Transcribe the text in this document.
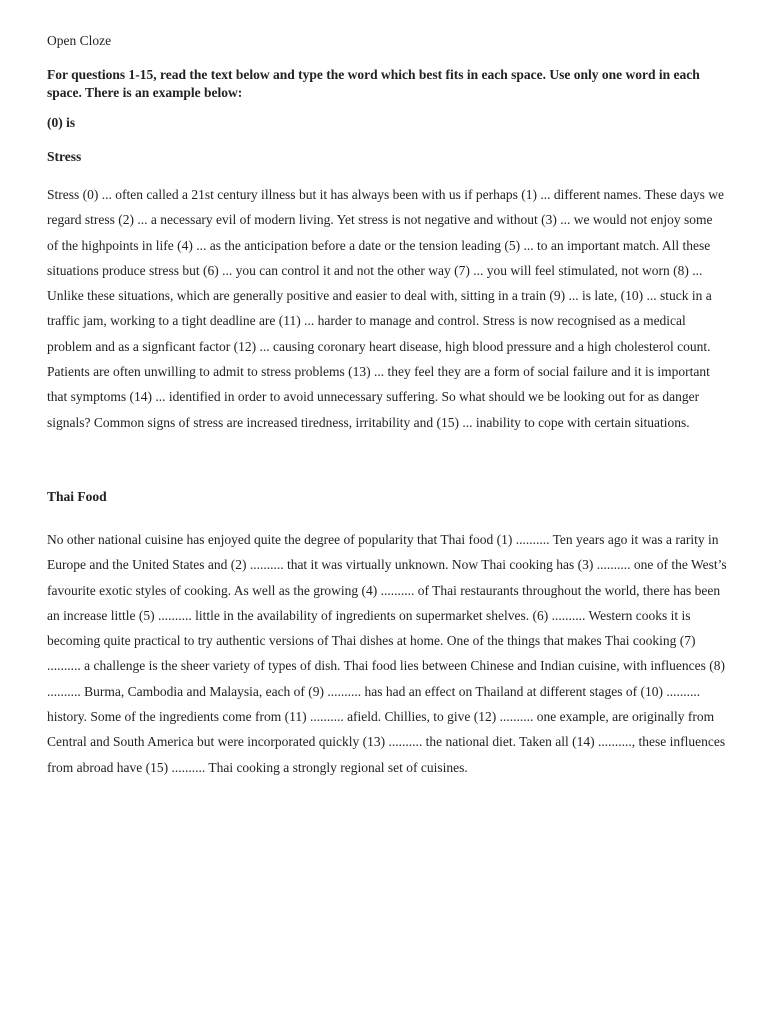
Open Cloze

For questions 1-15, read the text below and type the word which best fits in each space. Use only one word in each space. There is an example below:

(0) is

Stress

Stress (0) ... often called a 21st century illness but it has always been with us if perhaps (1) ... different names. These days we regard stress (2) ... a necessary evil of modern living. Yet stress is not negative and without (3) ... we would not enjoy some of the highpoints in life (4) ... as the anticipation before a date or the tension leading (5) ... to an important match. All these situations produce stress but (6) ... you can control it and not the other way (7) ... you will feel stimulated, not worn (8) ... Unlike these situations, which are generally positive and easier to deal with, sitting in a train (9) ... is late, (10) ... stuck in a traffic jam, working to a tight deadline are (11) ... harder to manage and control. Stress is now recognised as a medical problem and as a signficant factor (12) ... causing coronary heart disease, high blood pressure and a high cholesterol count. Patients are often unwilling to admit to stress problems (13) ... they feel they are a form of social failure and it is important that symptoms (14) ... identified in order to avoid unnecessary suffering. So what should we be looking out for as danger signals? Common signs of stress are increased tiredness, irritability and (15) ... inability to cope with certain situations.

Thai Food

No other national cuisine has enjoyed quite the degree of popularity that Thai food (1) .......... Ten years ago it was a rarity in Europe and the United States and (2) .......... that it was virtually unknown. Now Thai cooking has (3) .......... one of the West’s favourite exotic styles of cooking. As well as the growing (4) .......... of Thai restaurants throughout the world, there has been an increase little (5) .......... little in the availability of ingredients on supermarket shelves. (6) .......... Western cooks it is becoming quite practical to try authentic versions of Thai dishes at home. One of the things that makes Thai cooking (7) .......... a challenge is the sheer variety of types of dish. Thai food lies between Chinese and Indian cuisine, with influences (8) .......... Burma, Cambodia and Malaysia, each of (9) .......... has had an effect on Thailand at different stages of (10) .......... history. Some of the ingredients come from (11) .......... afield. Chillies, to give (12) .......... one example, are originally from Central and South America but were incorporated quickly (13) .......... the national diet. Taken all (14) .........., these influences from abroad have (15) .......... Thai cooking a strongly regional set of cuisines.
